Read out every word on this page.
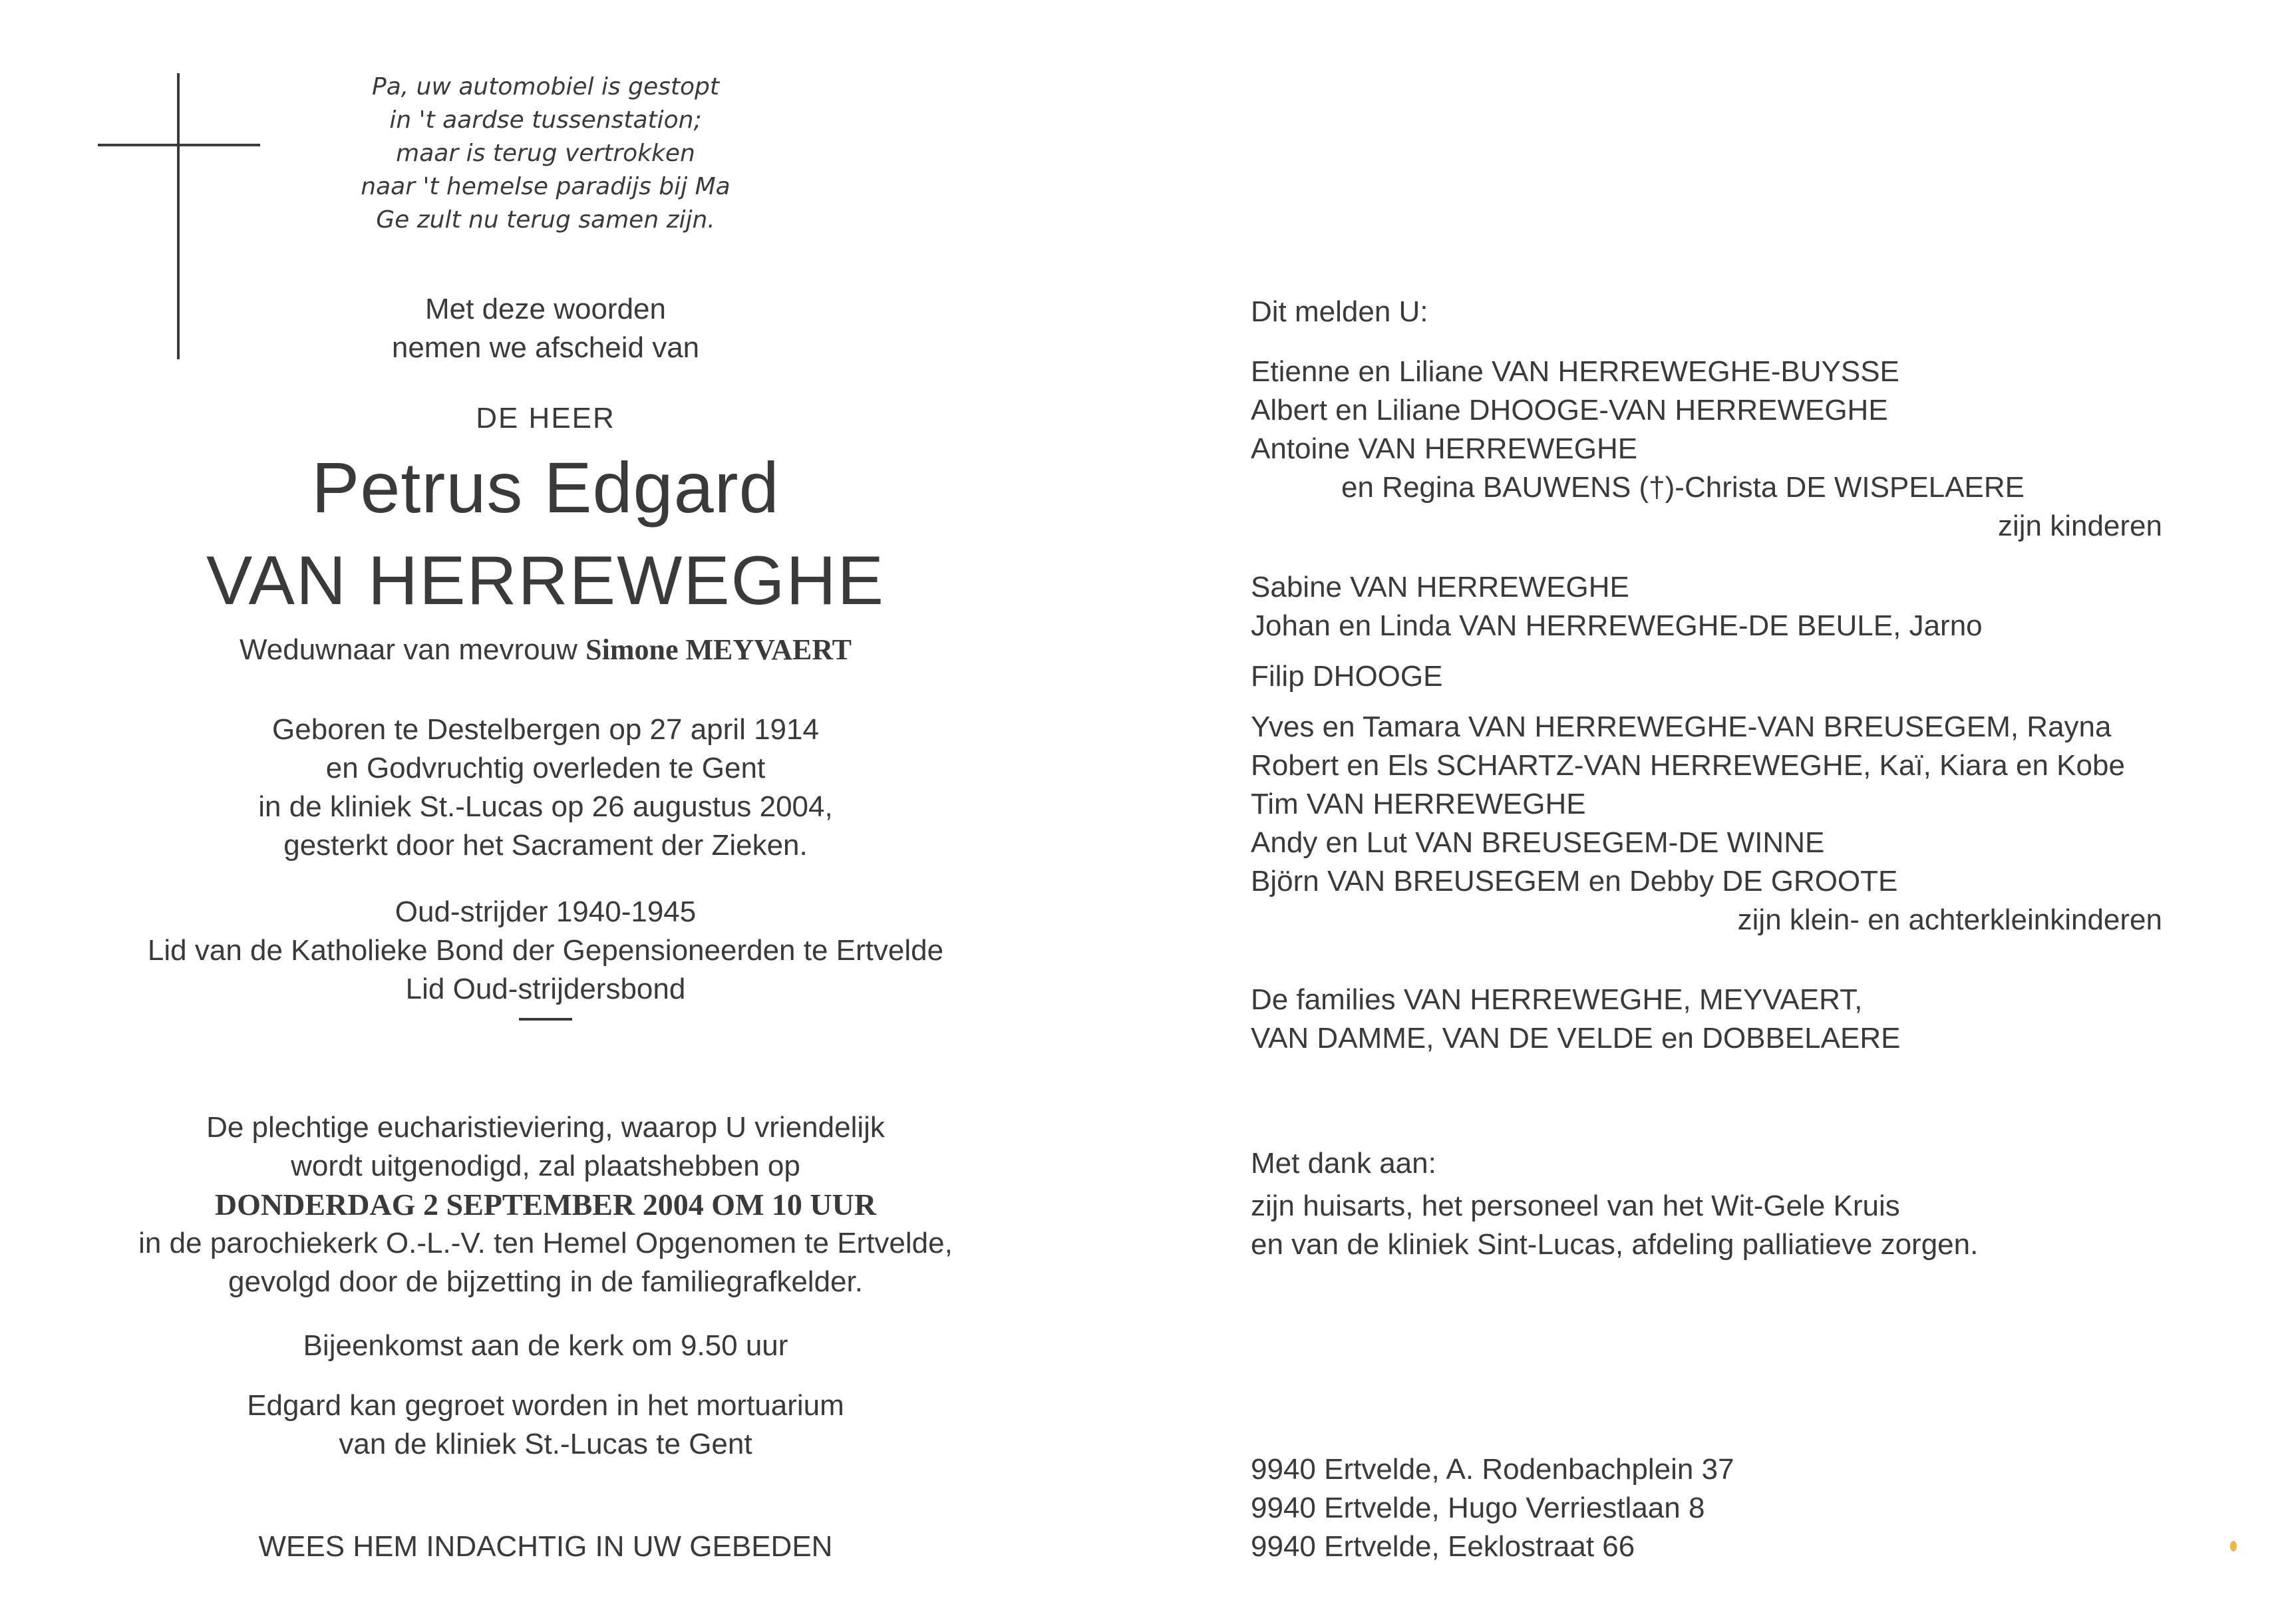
Pa, uw automobiel is gestopt
in 't aardse tussenstation;
maar is terug vertrokken
naar 't hemelse paradijs bij Ma
Ge zult nu terug samen zijn.
Met deze woorden
nemen we afscheid van
DE HEER
Petrus Edgard
VAN HERREWEGHE
Weduwnaar van mevrouw Simone MEYVAERT
Geboren te Destelbergen op 27 april 1914
en Godvruchtig overleden te Gent
in de kliniek St.-Lucas op 26 augustus 2004,
gesterkt door het Sacrament der Zieken.
Oud-strijder 1940-1945
Lid van de Katholieke Bond der Gepensioneerden te Ertvelde
Lid Oud-strijdersbond
De plechtige eucharistieviering, waarop U vriendelijk
wordt uitgenodigd, zal plaatshebben op
DONDERDAG 2 SEPTEMBER 2004 OM 10 UUR
in de parochiekerk O.-L.-V. ten Hemel Opgenomen te Ertvelde,
gevolgd door de bijzetting in de familiegrafkelder.
Bijeenkomst aan de kerk om 9.50 uur
Edgard kan gegroet worden in het mortuarium
van de kliniek St.-Lucas te Gent
WEES HEM INDACHTIG IN UW GEBEDEN
Dit melden U:
Etienne en Liliane VAN HERREWEGHE-BUYSSE
Albert en Liliane DHOOGE-VAN HERREWEGHE
Antoine VAN HERREWEGHE
en Regina BAUWENS (†)-Christa DE WISPELAERE
zijn kinderen
Sabine VAN HERREWEGHE
Johan en Linda VAN HERREWEGHE-DE BEULE, Jarno
Filip DHOOGE
Yves en Tamara VAN HERREWEGHE-VAN BREUSEGEM, Rayna
Robert en Els SCHARTZ-VAN HERREWEGHE, Kaï, Kiara en Kobe
Tim VAN HERREWEGHE
Andy en Lut VAN BREUSEGEM-DE WINNE
Björn VAN BREUSEGEM en Debby DE GROOTE
zijn klein- en achterkleinkinderen
De families VAN HERREWEGHE, MEYVAERT,
VAN DAMME, VAN DE VELDE en DOBBELAERE
Met dank aan:
zijn huisarts, het personeel van het Wit-Gele Kruis
en van de kliniek Sint-Lucas, afdeling palliatieve zorgen.
9940 Ertvelde, A. Rodenbachplein 37
9940 Ertvelde, Hugo Verriestlaan 8
9940 Ertvelde, Eeklostraat 66
